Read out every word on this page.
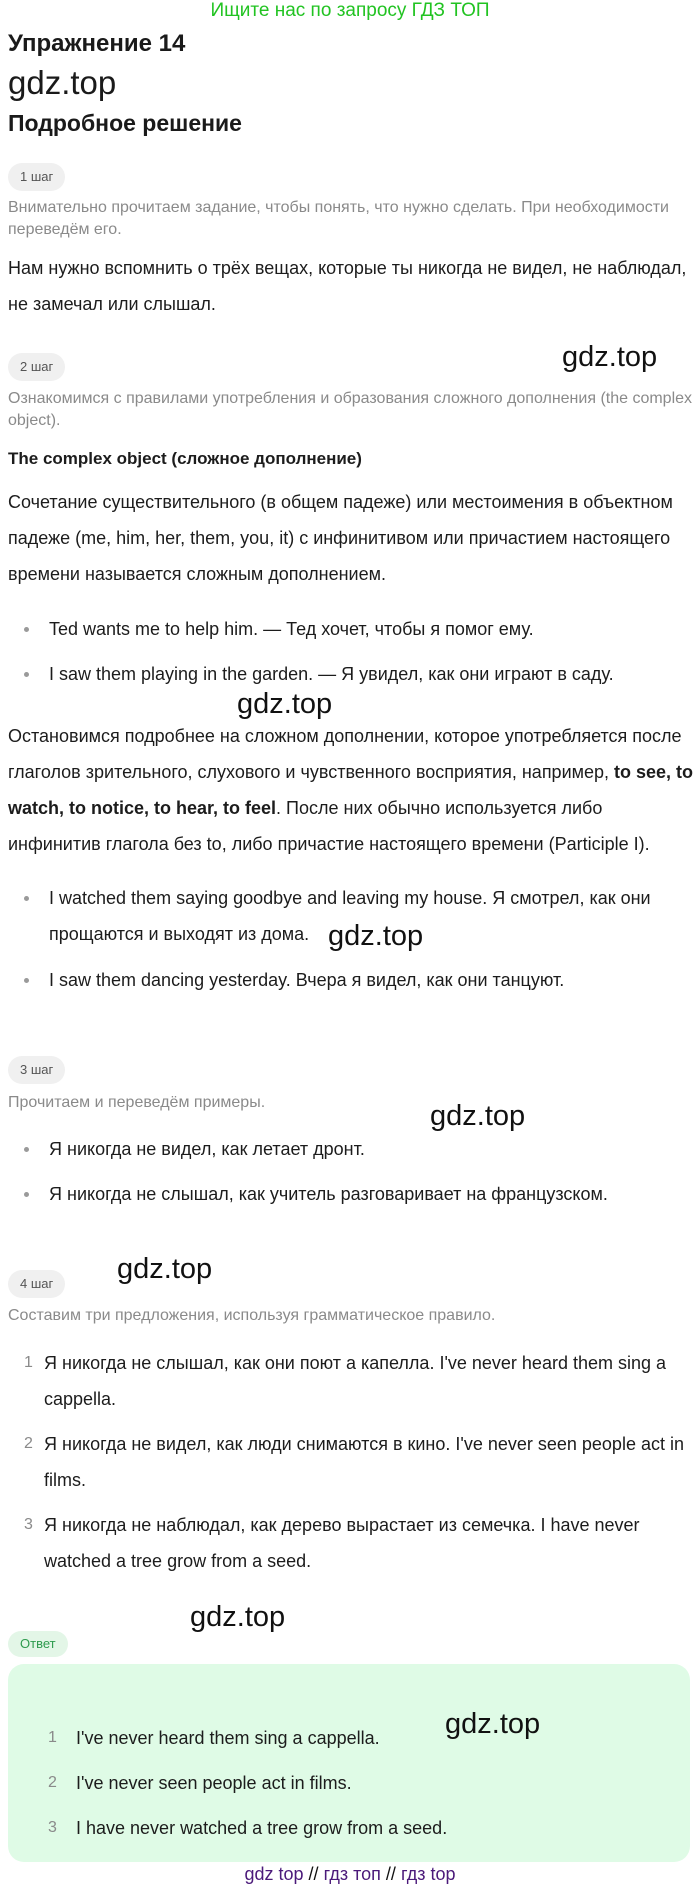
Ищите нас по запросу ГДЗ ТОП
Упражнение 14
gdz.top
Подробное решение
1 шаг
Внимательно прочитаем задание, чтобы понять, что нужно сделать. При необходимости переведём его.
Нам нужно вспомнить о трёх вещах, которые ты никогда не видел, не наблюдал, не замечал или слышал.
2 шаг
Ознакомимся с правилами употребления и образования сложного дополнения (the complex object).
The complex object (сложное дополнение)
Сочетание существительного (в общем падеже) или местоимения в объектном падеже (me, him, her, them, you, it) с инфинитивом или причастием настоящего времени называется сложным дополнением.
Ted wants me to help him. — Тед хочет, чтобы я помог ему.
I saw them playing in the garden. — Я увидел, как они играют в саду.
Остановимся подробнее на сложном дополнении, которое употребляется после глаголов зрительного, слухового и чувственного восприятия, например, to see, to watch, to notice, to hear, to feel. После них обычно используется либо инфинитив глагола без to, либо причастие настоящего времени (Participle I).
I watched them saying goodbye and leaving my house. Я смотрел, как они прощаются и выходят из дома.
I saw them dancing yesterday. Вчера я видел, как они танцуют.
3 шаг
Прочитаем и переведём примеры.
Я никогда не видел, как летает дронт.
Я никогда не слышал, как учитель разговаривает на французском.
4 шаг
Составим три предложения, используя грамматическое правило.
1 Я никогда не слышал, как они поют а капелла. I've never heard them sing a cappella.
2 Я никогда не видел, как люди снимаются в кино. I've never seen people act in films.
3 Я никогда не наблюдал, как дерево вырастает из семечка. I have never watched a tree grow from a seed.
Ответ
1 I've never heard them sing a cappella.
2 I've never seen people act in films.
3 I have never watched a tree grow from a seed.
gdz.top
gdz.top
gdz.top
gdz.top
gdz.top
gdz.top
gdz.top
gdz top // гдз топ // гдз top
